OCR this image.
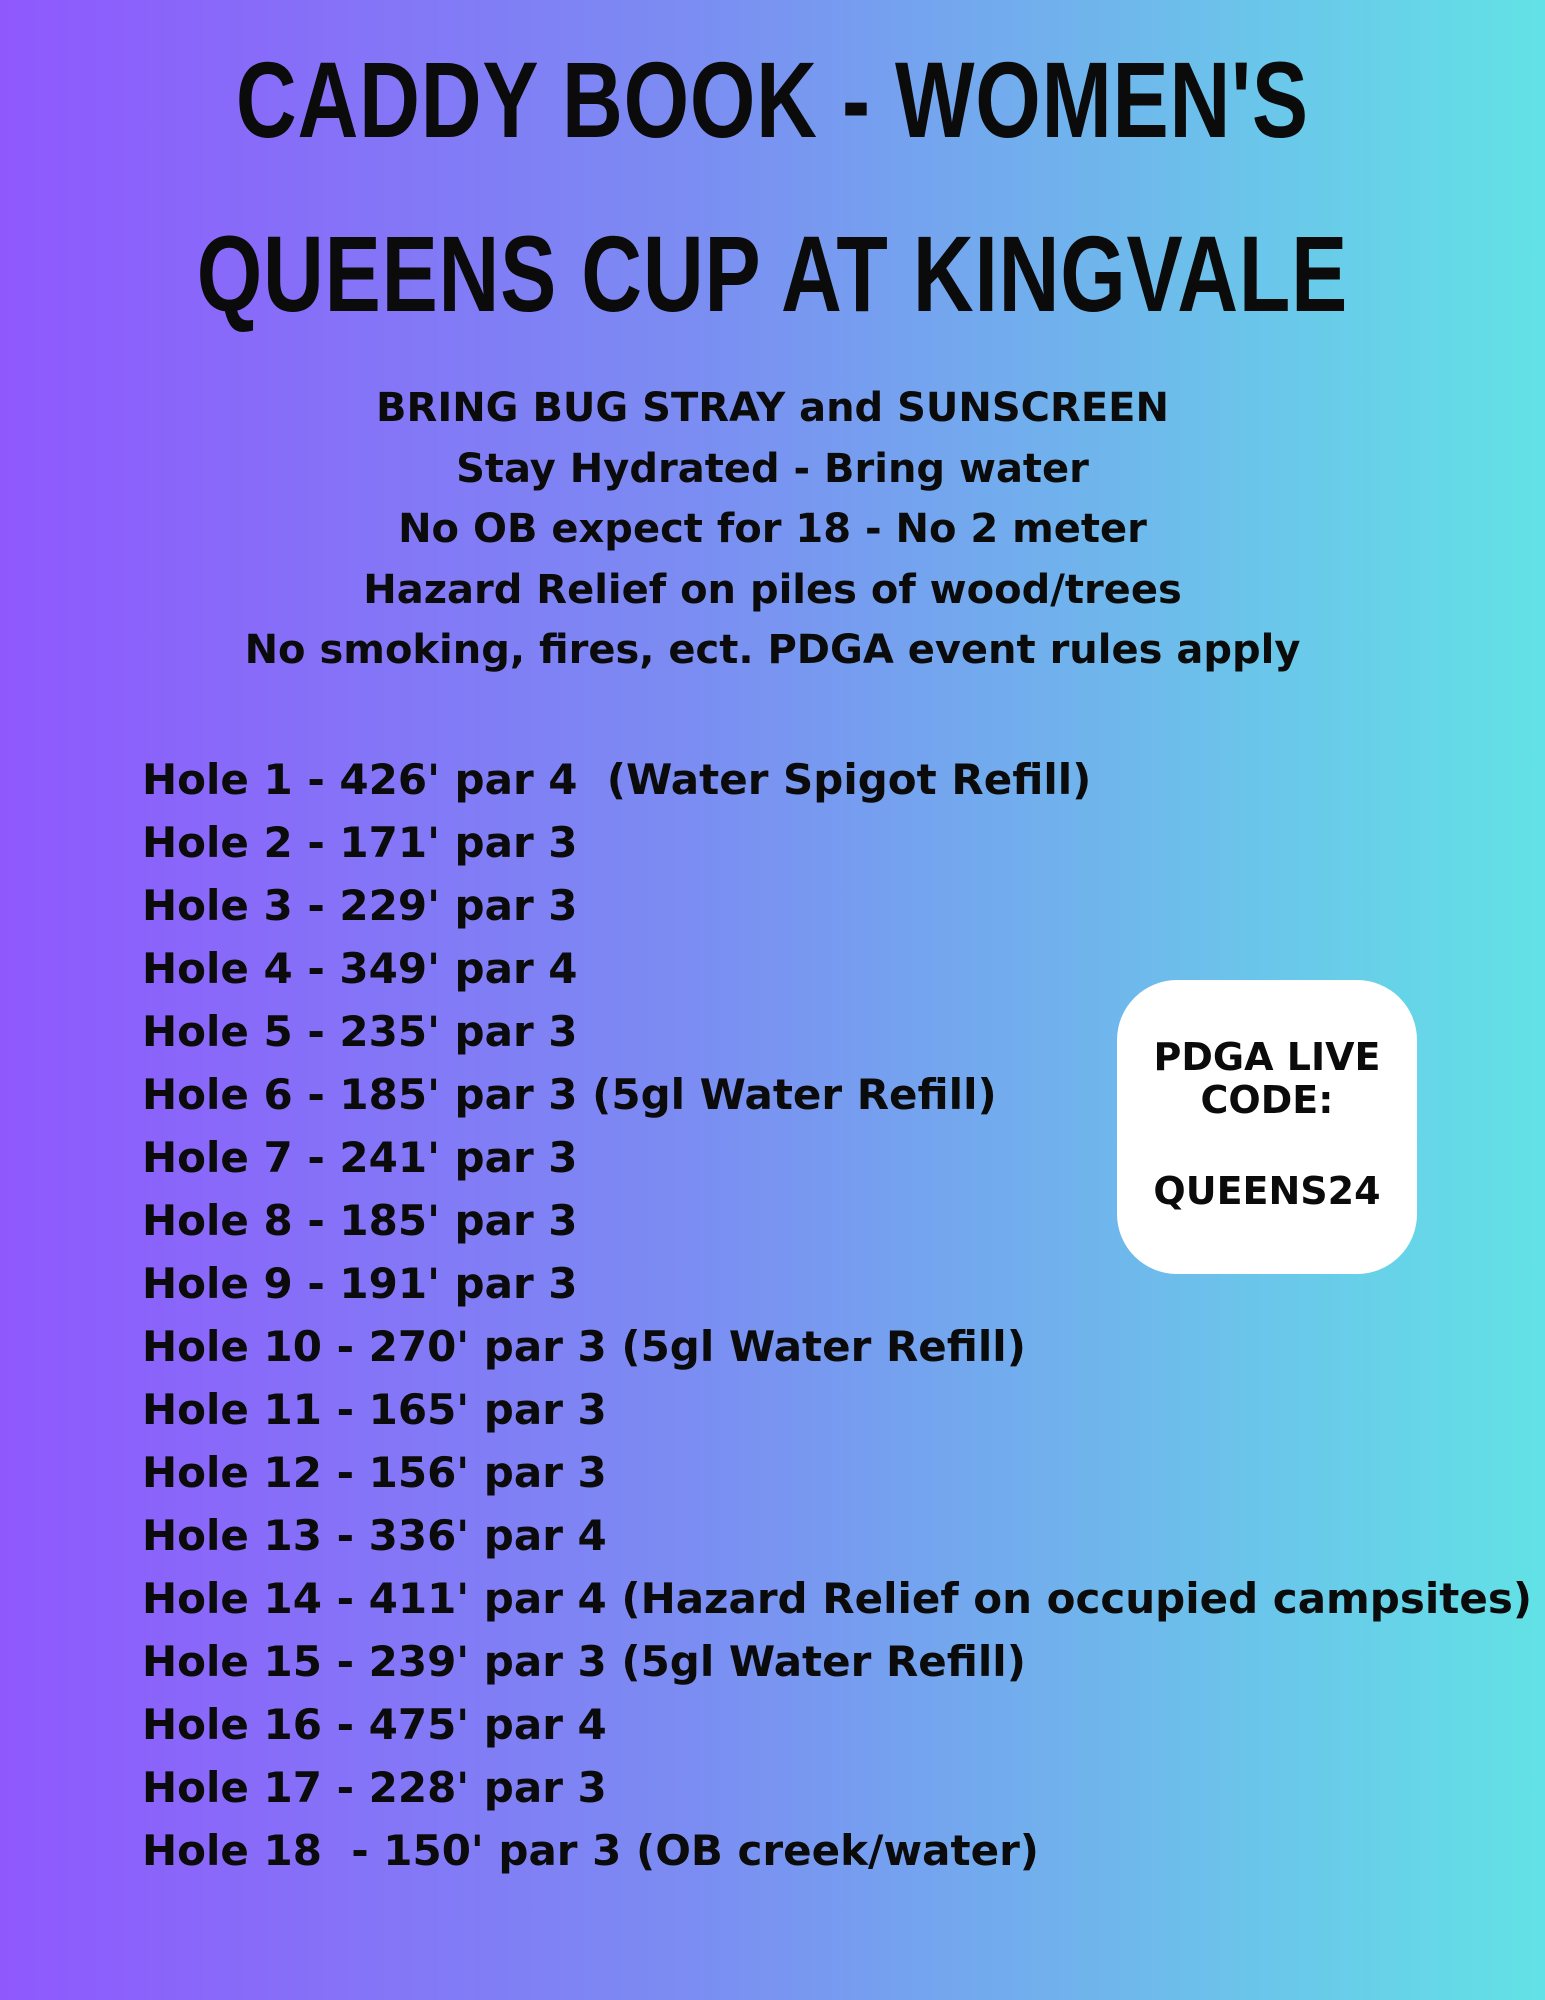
CADDY BOOK - WOMEN'S
QUEENS CUP AT KINGVALE
BRING BUG STRAY and SUNSCREEN
Stay Hydrated - Bring water
No OB expect for 18 - No 2 meter
Hazard Relief on piles of wood/trees
No smoking, fires, ect. PDGA event rules apply
Hole 1 - 426' par 4  (Water Spigot Refill)
Hole 2 - 171' par 3
Hole 3 - 229' par 3
Hole 4 - 349' par 4
Hole 5 - 235' par 3
Hole 6 - 185' par 3 (5gl Water Refill)
Hole 7 - 241' par 3
Hole 8 - 185' par 3
Hole 9 - 191' par 3
Hole 10 - 270' par 3 (5gl Water Refill)
Hole 11 - 165' par 3
Hole 12 - 156' par 3
Hole 13 - 336' par 4
Hole 14 - 411' par 4 (Hazard Relief on occupied campsites)
Hole 15 - 239' par 3 (5gl Water Refill)
Hole 16 - 475' par 4
Hole 17 - 228' par 3
Hole 18  - 150' par 3 (OB creek/water)
PDGA LIVE
CODE:
QUEENS24
